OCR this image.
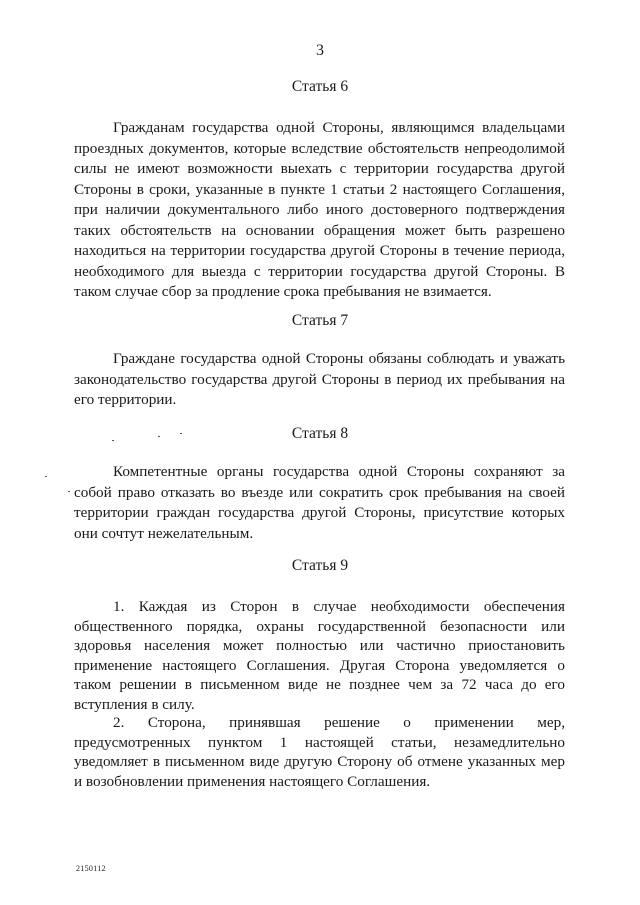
3
Статья 6
Гражданам государства одной Стороны, являющимся владельцами проездных документов, которые вследствие обстоятельств непреодолимой силы не имеют возможности выехать с территории государства другой Стороны в сроки, указанные в пункте 1 статьи 2 настоящего Соглашения, при наличии документального либо иного достоверного подтверждения таких обстоятельств на основании обращения может быть разрешено находиться на территории государства другой Стороны в течение периода, необходимого для выезда с территории государства другой Стороны. В таком случае сбор за продление срока пребывания не взимается.
Статья 7
Граждане государства одной Стороны обязаны соблюдать и уважать законодательство государства другой Стороны в период их пребывания на его территории.
Статья 8
Компетентные органы государства одной Стороны сохраняют за собой право отказать во въезде или сократить срок пребывания на своей территории граждан государства другой Стороны, присутствие которых они сочтут нежелательным.
Статья 9
1. Каждая из Сторон в случае необходимости обеспечения общественного порядка, охраны государственной безопасности или здоровья населения может полностью или частично приостановить применение настоящего Соглашения. Другая Сторона уведомляется о таком решении в письменном виде не позднее чем за 72 часа до его вступления в силу.
2. Сторона, принявшая решение о применении мер, предусмотренных пунктом 1 настоящей статьи, незамедлительно уведомляет в письменном виде другую Сторону об отмене указанных мер и возобновлении применения настоящего Соглашения.
2150112
